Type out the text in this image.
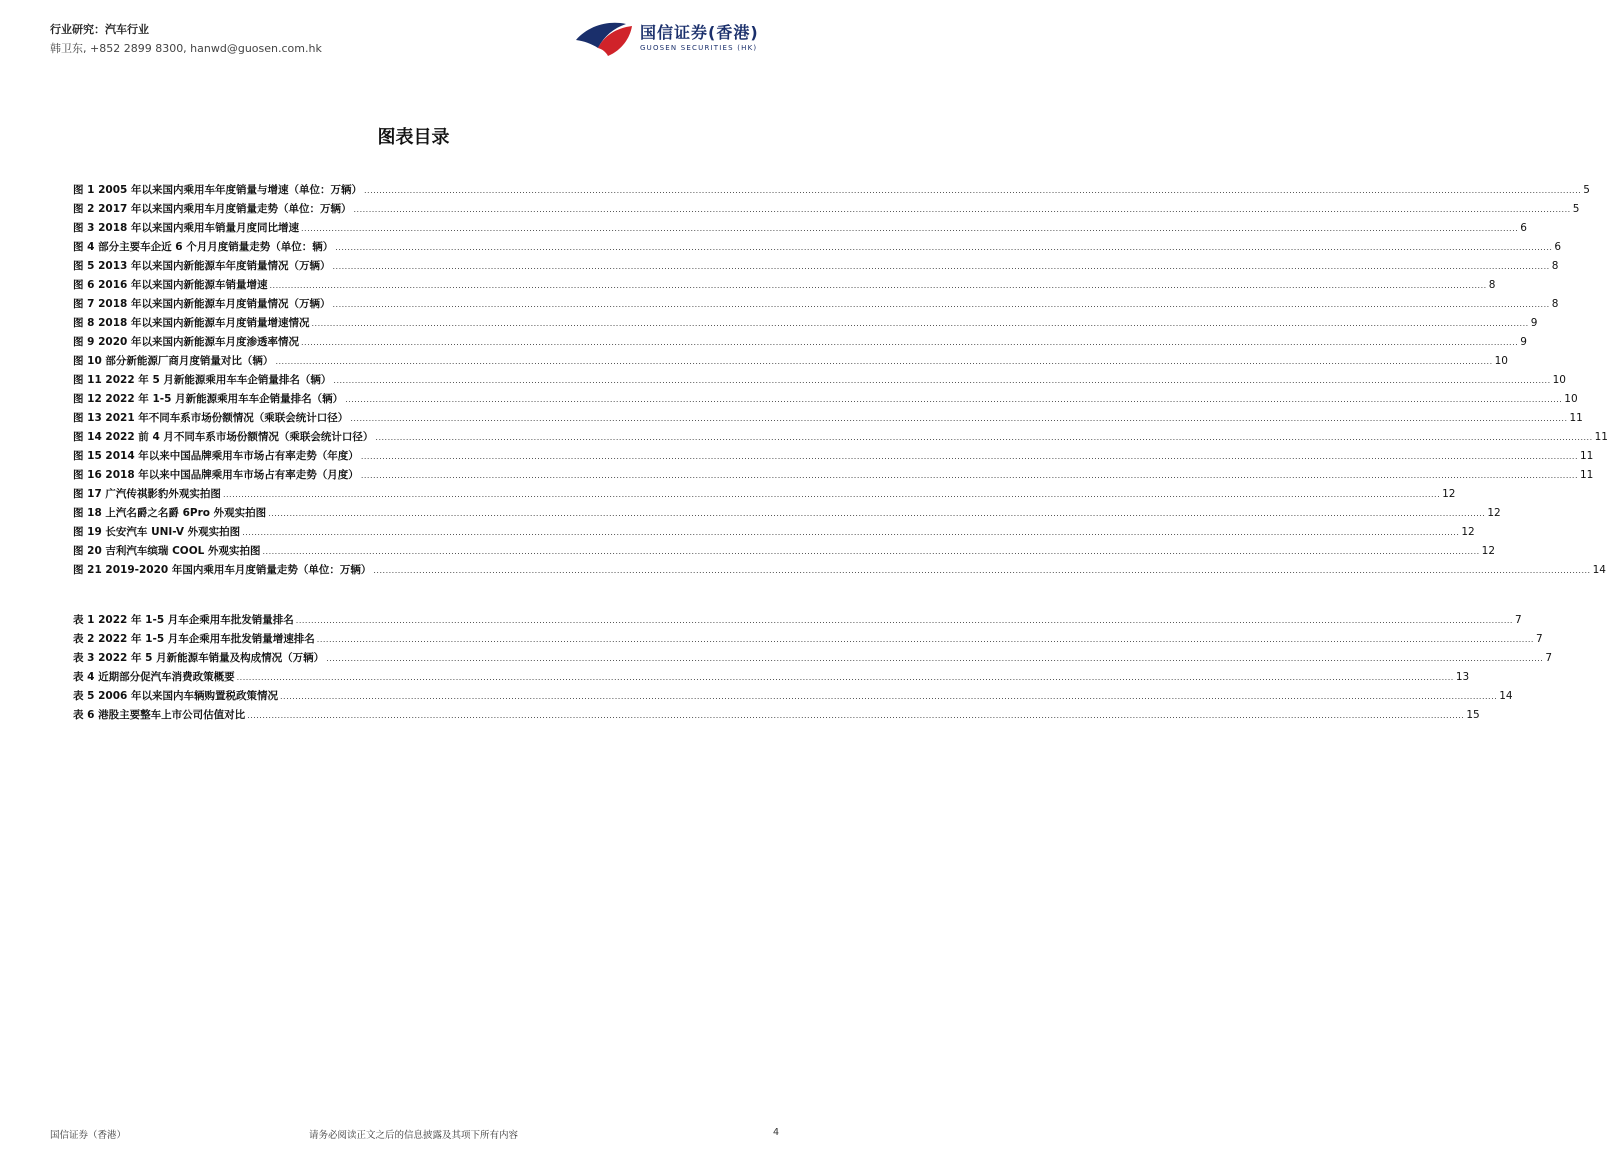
行业研究：汽车行业
韩卫东, +852 2899 8300, hanwd@guosen.com.hk
国信证券(香港)
GUOSEN SECURITIES (HK)
图表目录
图 1 2005 年以来国内乘用车年度销量与增速（单位：万辆） ................................................................................................................................................................................................................................................................................................................................................................................................................ 5
图 2 2017 年以来国内乘用车月度销量走势（单位：万辆） ................................................................................................................................................................................................................................................................................................................................................................................................................ 5
图 3 2018 年以来国内乘用车销量月度同比增速 ................................................................................................................................................................................................................................................................................................................................................................................................................ 6
图 4 部分主要车企近 6 个月月度销量走势（单位：辆） ................................................................................................................................................................................................................................................................................................................................................................................................................ 6
图 5 2013 年以来国内新能源车年度销量情况（万辆） ................................................................................................................................................................................................................................................................................................................................................................................................................ 8
图 6 2016 年以来国内新能源车销量增速 ................................................................................................................................................................................................................................................................................................................................................................................................................ 8
图 7 2018 年以来国内新能源车月度销量情况（万辆） ................................................................................................................................................................................................................................................................................................................................................................................................................ 8
图 8 2018 年以来国内新能源车月度销量增速情况 ................................................................................................................................................................................................................................................................................................................................................................................................................ 9
图 9 2020 年以来国内新能源车月度渗透率情况 ................................................................................................................................................................................................................................................................................................................................................................................................................ 9
图 10 部分新能源厂商月度销量对比（辆） ................................................................................................................................................................................................................................................................................................................................................................................................................ 10
图 11 2022 年 5 月新能源乘用车车企销量排名（辆） ................................................................................................................................................................................................................................................................................................................................................................................................................ 10
图 12 2022 年 1-5 月新能源乘用车车企销量排名（辆） ................................................................................................................................................................................................................................................................................................................................................................................................................ 10
图 13 2021 年不同车系市场份额情况（乘联会统计口径） ................................................................................................................................................................................................................................................................................................................................................................................................................ 11
图 14 2022 前 4 月不同车系市场份额情况（乘联会统计口径） ................................................................................................................................................................................................................................................................................................................................................................................................................ 11
图 15 2014 年以来中国品牌乘用车市场占有率走势（年度） ................................................................................................................................................................................................................................................................................................................................................................................................................ 11
图 16 2018 年以来中国品牌乘用车市场占有率走势（月度） ................................................................................................................................................................................................................................................................................................................................................................................................................ 11
图 17 广汽传祺影豹外观实拍图 ................................................................................................................................................................................................................................................................................................................................................................................................................ 12
图 18 上汽名爵之名爵 6Pro 外观实拍图 ................................................................................................................................................................................................................................................................................................................................................................................................................ 12
图 19 长安汽车 UNI-V 外观实拍图 ................................................................................................................................................................................................................................................................................................................................................................................................................ 12
图 20 吉利汽车缤瑞 COOL 外观实拍图 ................................................................................................................................................................................................................................................................................................................................................................................................................ 12
图 21 2019-2020 年国内乘用车月度销量走势（单位：万辆） ................................................................................................................................................................................................................................................................................................................................................................................................................ 14
表 1 2022 年 1-5 月车企乘用车批发销量排名 ................................................................................................................................................................................................................................................................................................................................................................................................................ 7
表 2 2022 年 1-5 月车企乘用车批发销量增速排名 ................................................................................................................................................................................................................................................................................................................................................................................................................ 7
表 3 2022 年 5 月新能源车销量及构成情况（万辆） ................................................................................................................................................................................................................................................................................................................................................................................................................ 7
表 4 近期部分促汽车消费政策概要 ................................................................................................................................................................................................................................................................................................................................................................................................................ 13
表 5 2006 年以来国内车辆购置税政策情况 ................................................................................................................................................................................................................................................................................................................................................................................................................ 14
表 6 港股主要整车上市公司估值对比 ................................................................................................................................................................................................................................................................................................................................................................................................................ 15
国信证券（香港）	请务必阅读正文之后的信息披露及其项下所有内容	4
